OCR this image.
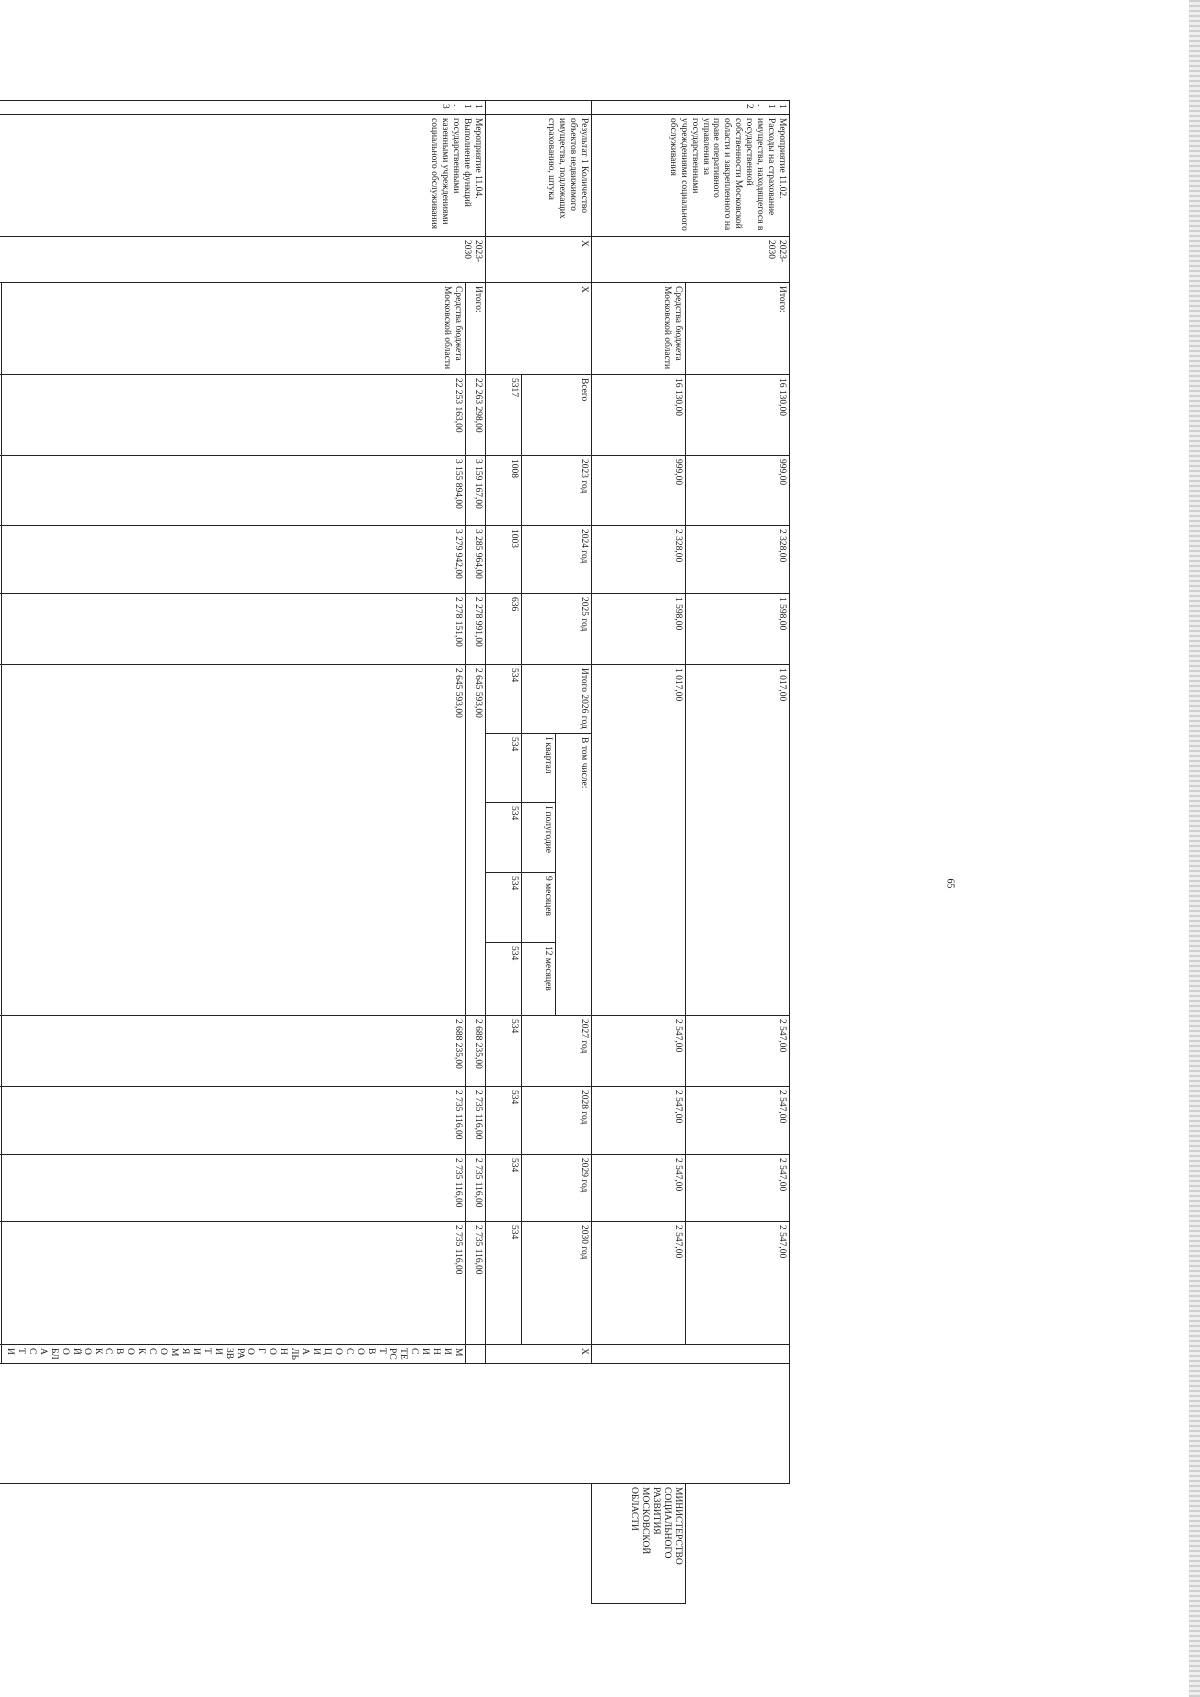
65
11.2	Мероприятие 11.02. Расходы на страхование имущества, находящегося в государственной собственности Московской области и закрепленного на праве оперативного управления за государственными учреждениями социального обслуживания	2023-2030	Итого:	16 130,00	999,00	2 328,00	1 598,00	1 017,00					2 547,00	2 547,00	2 547,00	2 547,00			
			Средства бюджета Московской области	16 130,00	999,00	2 328,00	1 598,00	1 017,00					2 547,00	2 547,00	2 547,00	2 547,00			МИНИСТЕРСТВО СОЦИАЛЬНОГО РАЗВИТИЯ МОСКОВСКОЙ ОБЛАСТИ
	Результат 1 Количество объектов недвижимого имущества, подлежащих страхованию, штука	X	X	Всего	2023 год	2024 год	2025 год	Итого 2026 год	В том числе:				2027 год	2028 год	2029 год	2030 год	X		
									I квартал	I полугодие	9 месяцев	12 месяцев							
				5317	1008	1003	636	534	534	534	534	534	534	534	534	534			
11.3	Мероприятие 11.04. Выполнение функций государственными казенными учреждениями социального обслуживания	2023-2030	Итого:	22 263 298,00	3 159 167,00	3 285 964,00	2 278 991,00	2 645 593,00					2 688 235,00	2 735 116,00	2 735 116,00	2 735 116,00			
			Средства бюджета Московской области	22 253 163,00	3 155 894,00	3 279 942,00	2 278 151,00	2 645 593,00					2 688 235,00	2 735 116,00	2 735 116,00	2 735 116,00	МИНИСТЕРСТВО СОЦИАЛЬНОГО РАЗВИТИЯ МОСКОВСКОЙ ОБЛАСТИ		
